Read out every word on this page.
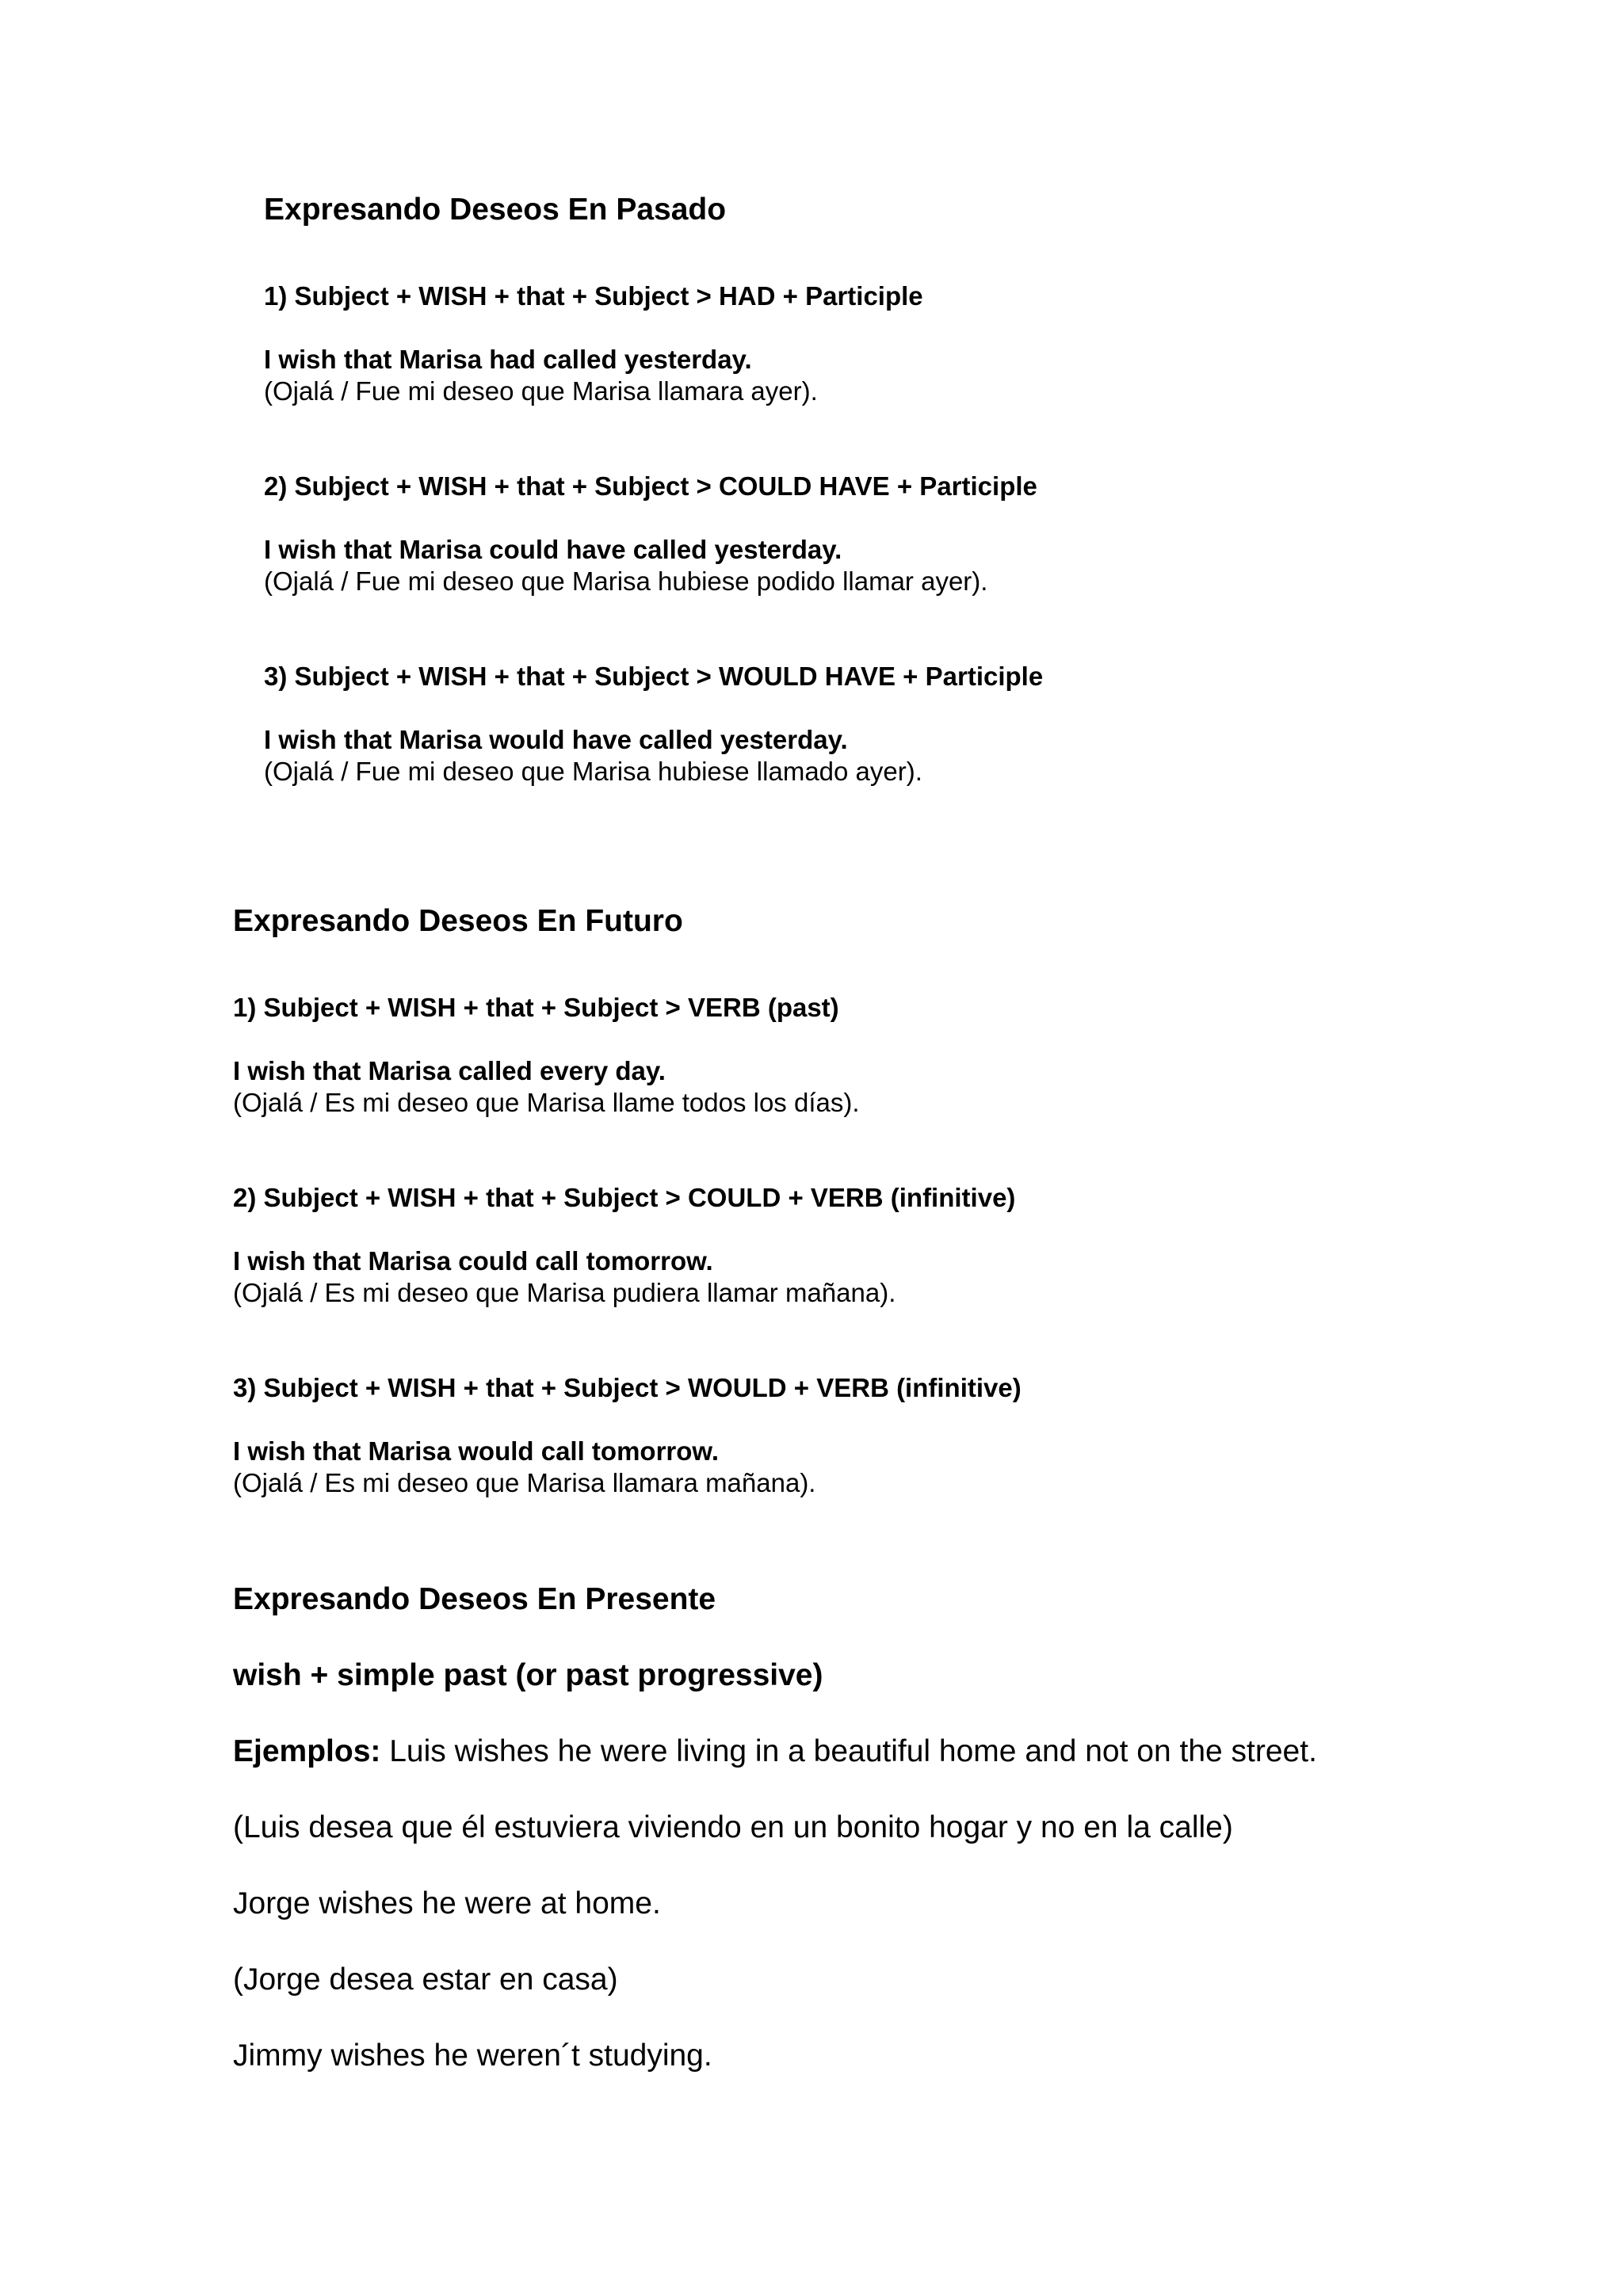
Expresando Deseos En Pasado

1) Subject + WISH + that + Subject > HAD + Participle

I wish that Marisa had called yesterday.

(Ojalá / Fue mi deseo que Marisa llamara ayer).

2) Subject + WISH + that + Subject > COULD HAVE + Participle

I wish that Marisa could have called yesterday.

(Ojalá / Fue mi deseo que Marisa hubiese podido llamar ayer).

3) Subject + WISH + that + Subject > WOULD HAVE + Participle

I wish that Marisa would have called yesterday.

(Ojalá / Fue mi deseo que Marisa hubiese llamado ayer).

Expresando Deseos En Futuro

1) Subject + WISH + that + Subject > VERB (past)

I wish that Marisa called every day.

(Ojalá / Es mi deseo que Marisa llame todos los días).

2) Subject + WISH + that + Subject > COULD + VERB (infinitive)

I wish that Marisa could call tomorrow.

(Ojalá / Es mi deseo que Marisa pudiera llamar mañana).

3) Subject + WISH + that + Subject > WOULD + VERB (infinitive)

I wish that Marisa would call tomorrow.

(Ojalá / Es mi deseo que Marisa llamara mañana).

Expresando Deseos En Presente

wish + simple past (or past progressive)

Ejemplos: Luis wishes he were living in a beautiful home and not on the street.

(Luis desea que él estuviera viviendo en un bonito hogar y no en la calle)

Jorge wishes he were at home.

(Jorge desea estar en casa)

Jimmy wishes he weren´t studying.
